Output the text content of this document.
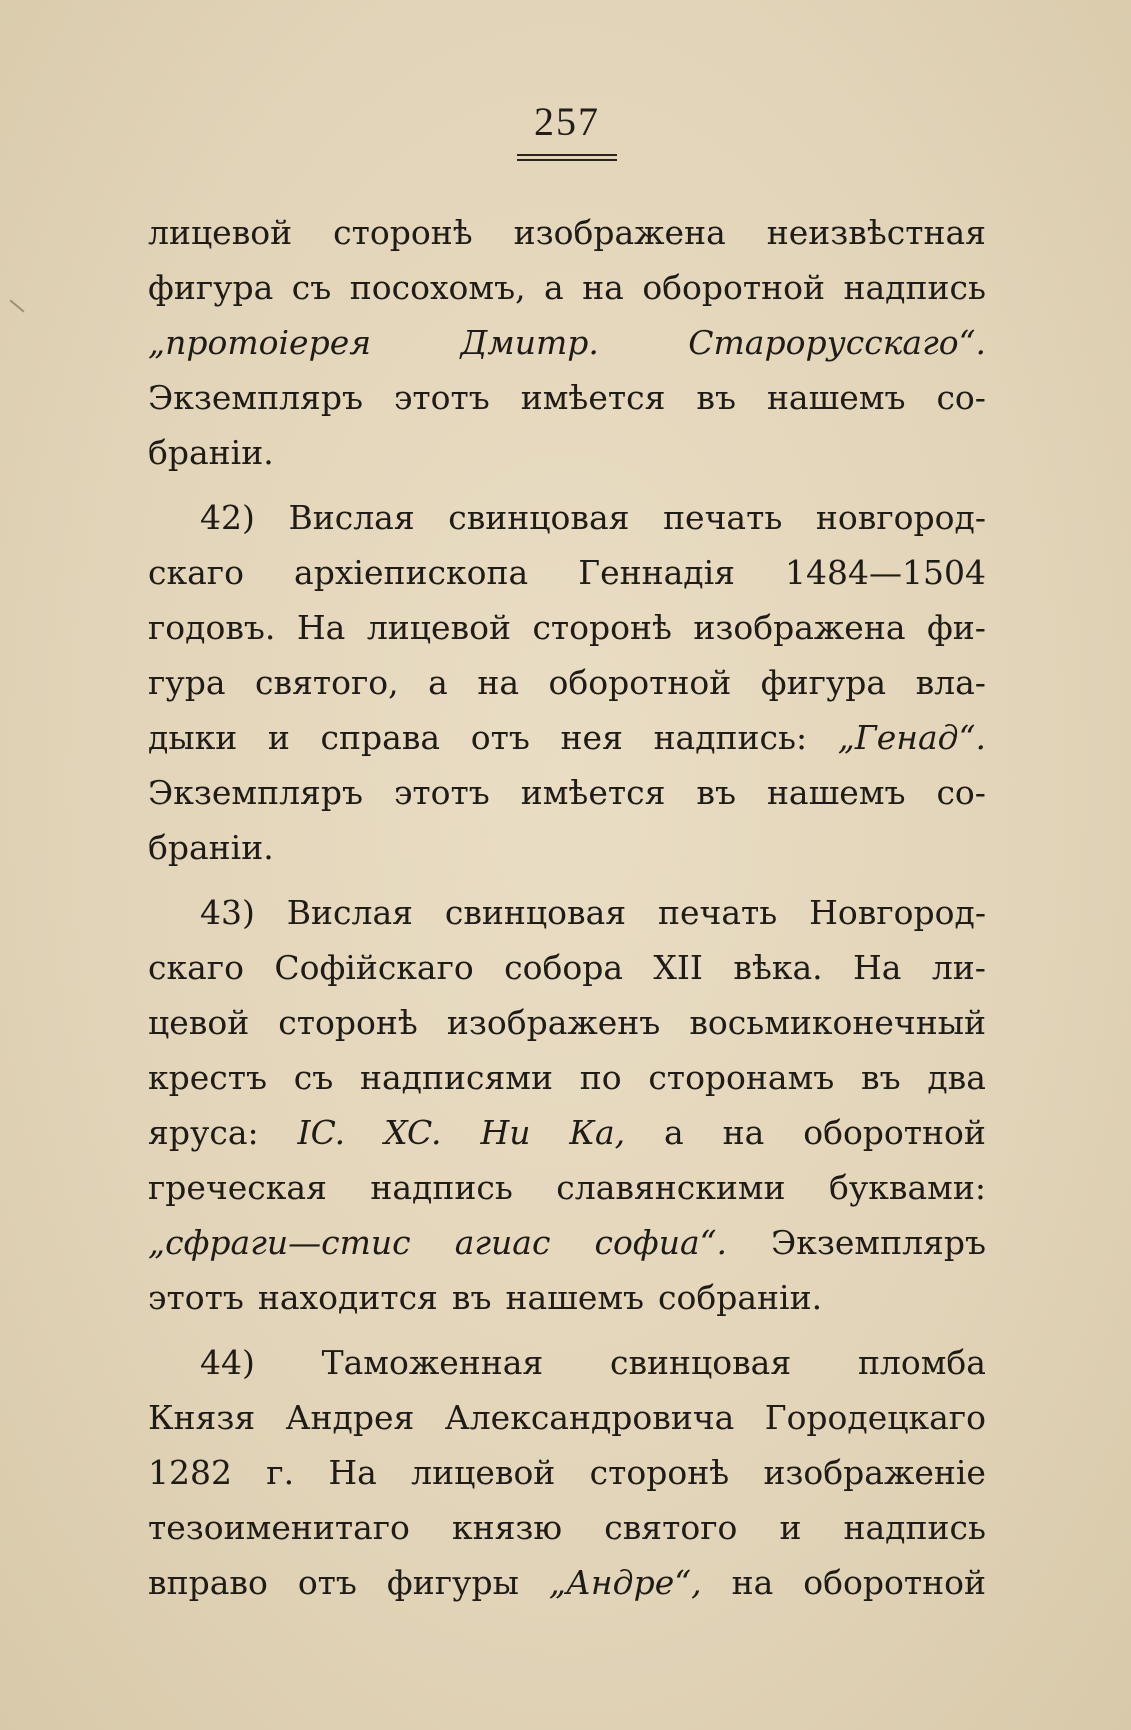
257
лицевой сторонѣ изображена неизвѣстная
фигура съ посохомъ, а на оборотной надпись
„протоіерея	Дмитр.	Старорусскаго“.
Экземпляръ этотъ имѣется въ нашемъ со-
браніи.
42) Вислая свинцовая печать новгород-
скаго архіепископа Геннадія 1484—1504
годовъ. На лицевой сторонѣ изображена фи-
гура святого, а на оборотной фигура вла-
дыки и справа отъ нея надпись: „Генад“.
Экземпляръ этотъ имѣется въ нашемъ со-
браніи.
43) Вислая свинцовая печать Новгород-
скаго Софійскаго собора XII вѣка. На ли-
цевой сторонѣ изображенъ восьмиконечный
крестъ съ надписями по сторонамъ въ два
яруса: IC. XC. Ни Ка, а на оборотной
греческая надпись славянскими буквами:
„сфраги—стис агиас софиа“. Экземпляръ
этотъ находится въ нашемъ собраніи.
44) Таможенная свинцовая пломба
Князя Андрея Александровича Городецкаго
1282 г. На лицевой сторонѣ изображеніе
тезоименитаго князю святого и надпись
вправо отъ фигуры „Андре“, на оборотной
